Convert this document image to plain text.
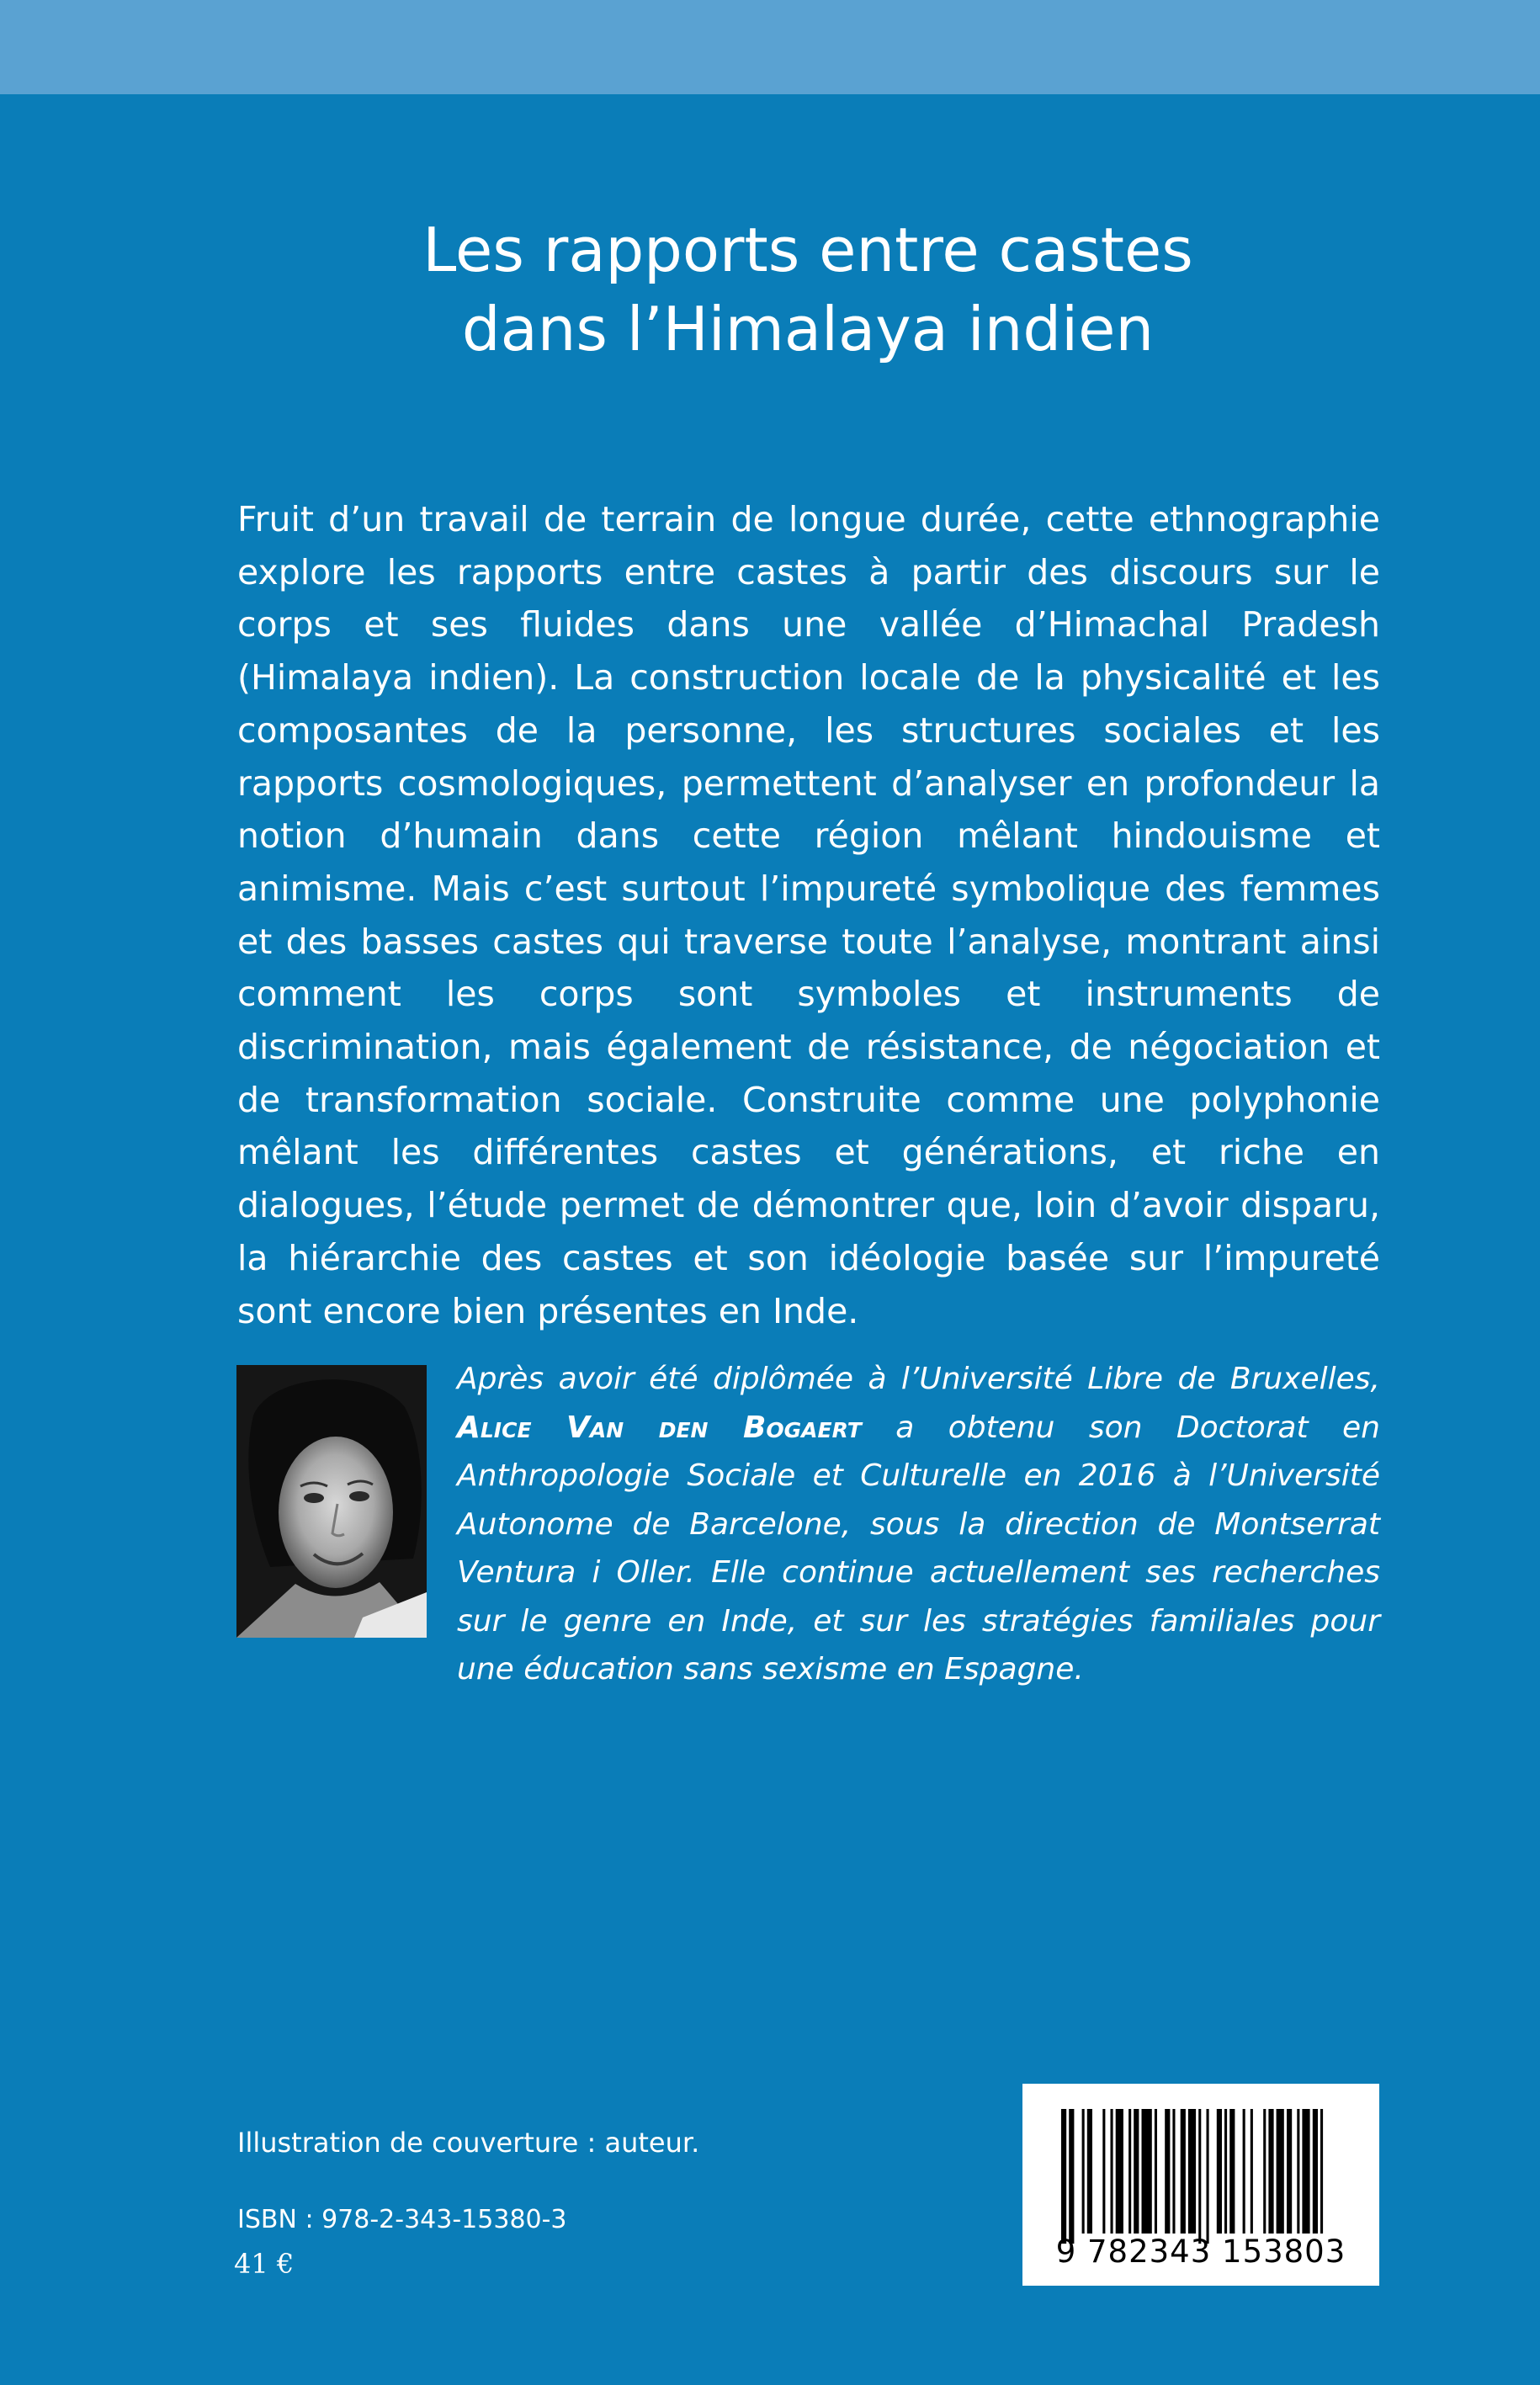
Les rapports entre castes
dans l’Himalaya indien

Fruit d’un travail de terrain de longue durée, cette ethnographie explore les rapports entre castes à partir des discours sur le corps et ses fluides dans une vallée d’Himachal Pradesh (Himalaya indien). La construction locale de la physicalité et les composantes de la personne, les structures sociales et les rapports cosmologiques, permettent d’analyser en profondeur la notion d’humain dans cette région mêlant hindouisme et animisme. Mais c’est surtout l’impureté symbolique des femmes et des basses castes qui traverse toute l’analyse, montrant ainsi comment les corps sont symboles et instruments de discrimination, mais également de résistance, de négociation et de transformation sociale. Construite comme une polyphonie mêlant les différentes castes et générations, et riche en dialogues, l’étude permet de démontrer que, loin d’avoir disparu, la hiérarchie des castes et son idéologie basée sur l’impureté sont encore bien présentes en Inde.

Après avoir été diplômée à l’Université Libre de Bruxelles, Alice Van den Bogaert a obtenu son Doctorat en Anthropologie Sociale et Culturelle en 2016 à l’Université Autonome de Barcelone, sous la direction de Montserrat Ventura i Oller. Elle continue actuellement ses recherches sur le genre en Inde, et sur les stratégies familiales pour une éducation sans sexisme en Espagne.

Illustration de couverture : auteur.

ISBN : 978-2-343-15380-3

41 €	9 782343 153803
